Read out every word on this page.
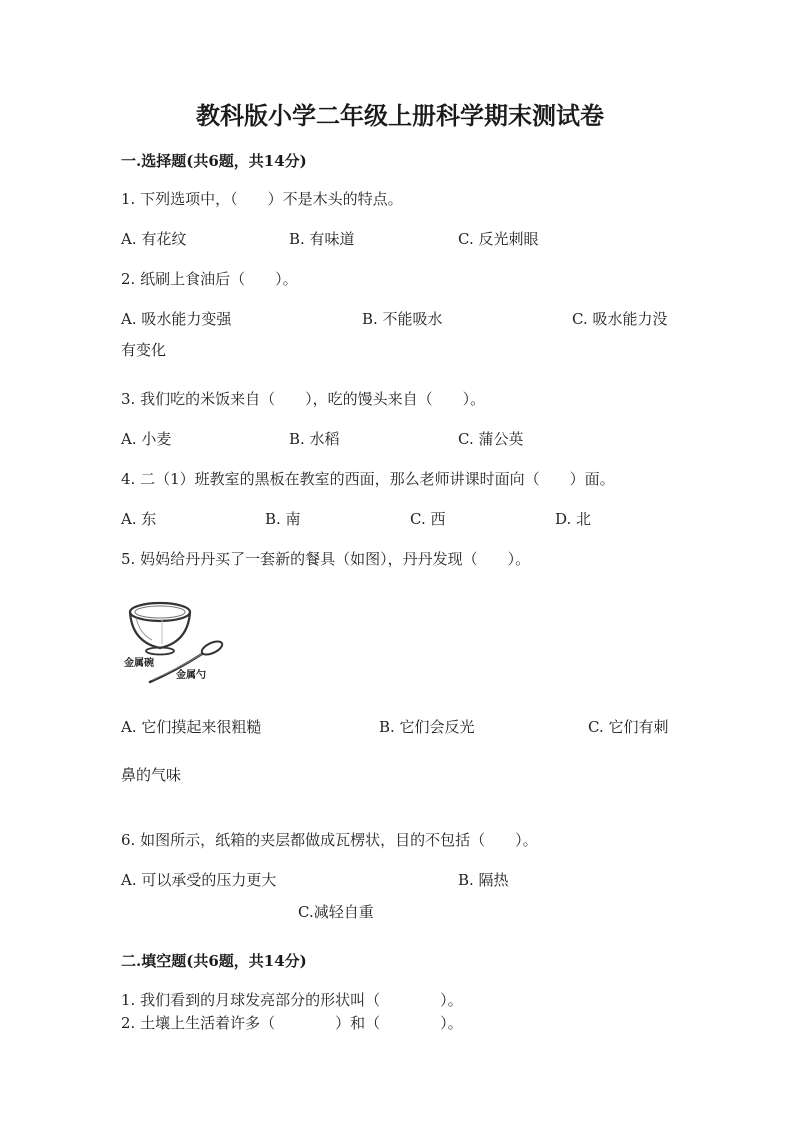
教科版小学二年级上册科学期末测试卷
一.选择题(共6题，共14分)
1. 下列选项中，（　　）不是木头的特点。
A. 有花纹	B. 有味道	C. 反光刺眼
2. 纸刷上食油后（　　）。
A. 吸水能力变强	B. 不能吸水	C. 吸水能力没
有变化
3. 我们吃的米饭来自（　　），吃的馒头来自（　　）。
A. 小麦	B. 水稻	C. 蒲公英
4. 二（1）班教室的黑板在教室的西面，那么老师讲课时面向（　　）面。
A. 东	B. 南	C. 西	D. 北
5. 妈妈给丹丹买了一套新的餐具（如图），丹丹发现（　　）。
金属碗
金属勺
A. 它们摸起来很粗糙	B. 它们会反光	C. 它们有刺
鼻的气味
6. 如图所示，纸箱的夹层都做成瓦楞状，目的不包括（　　）。
A. 可以承受的压力更大	B. 隔热
C.减轻自重
二.填空题(共6题，共14分)
1. 我们看到的月球发亮部分的形状叫（　　　　）。
2. 土壤上生活着许多（　　　　）和（　　　　）。
